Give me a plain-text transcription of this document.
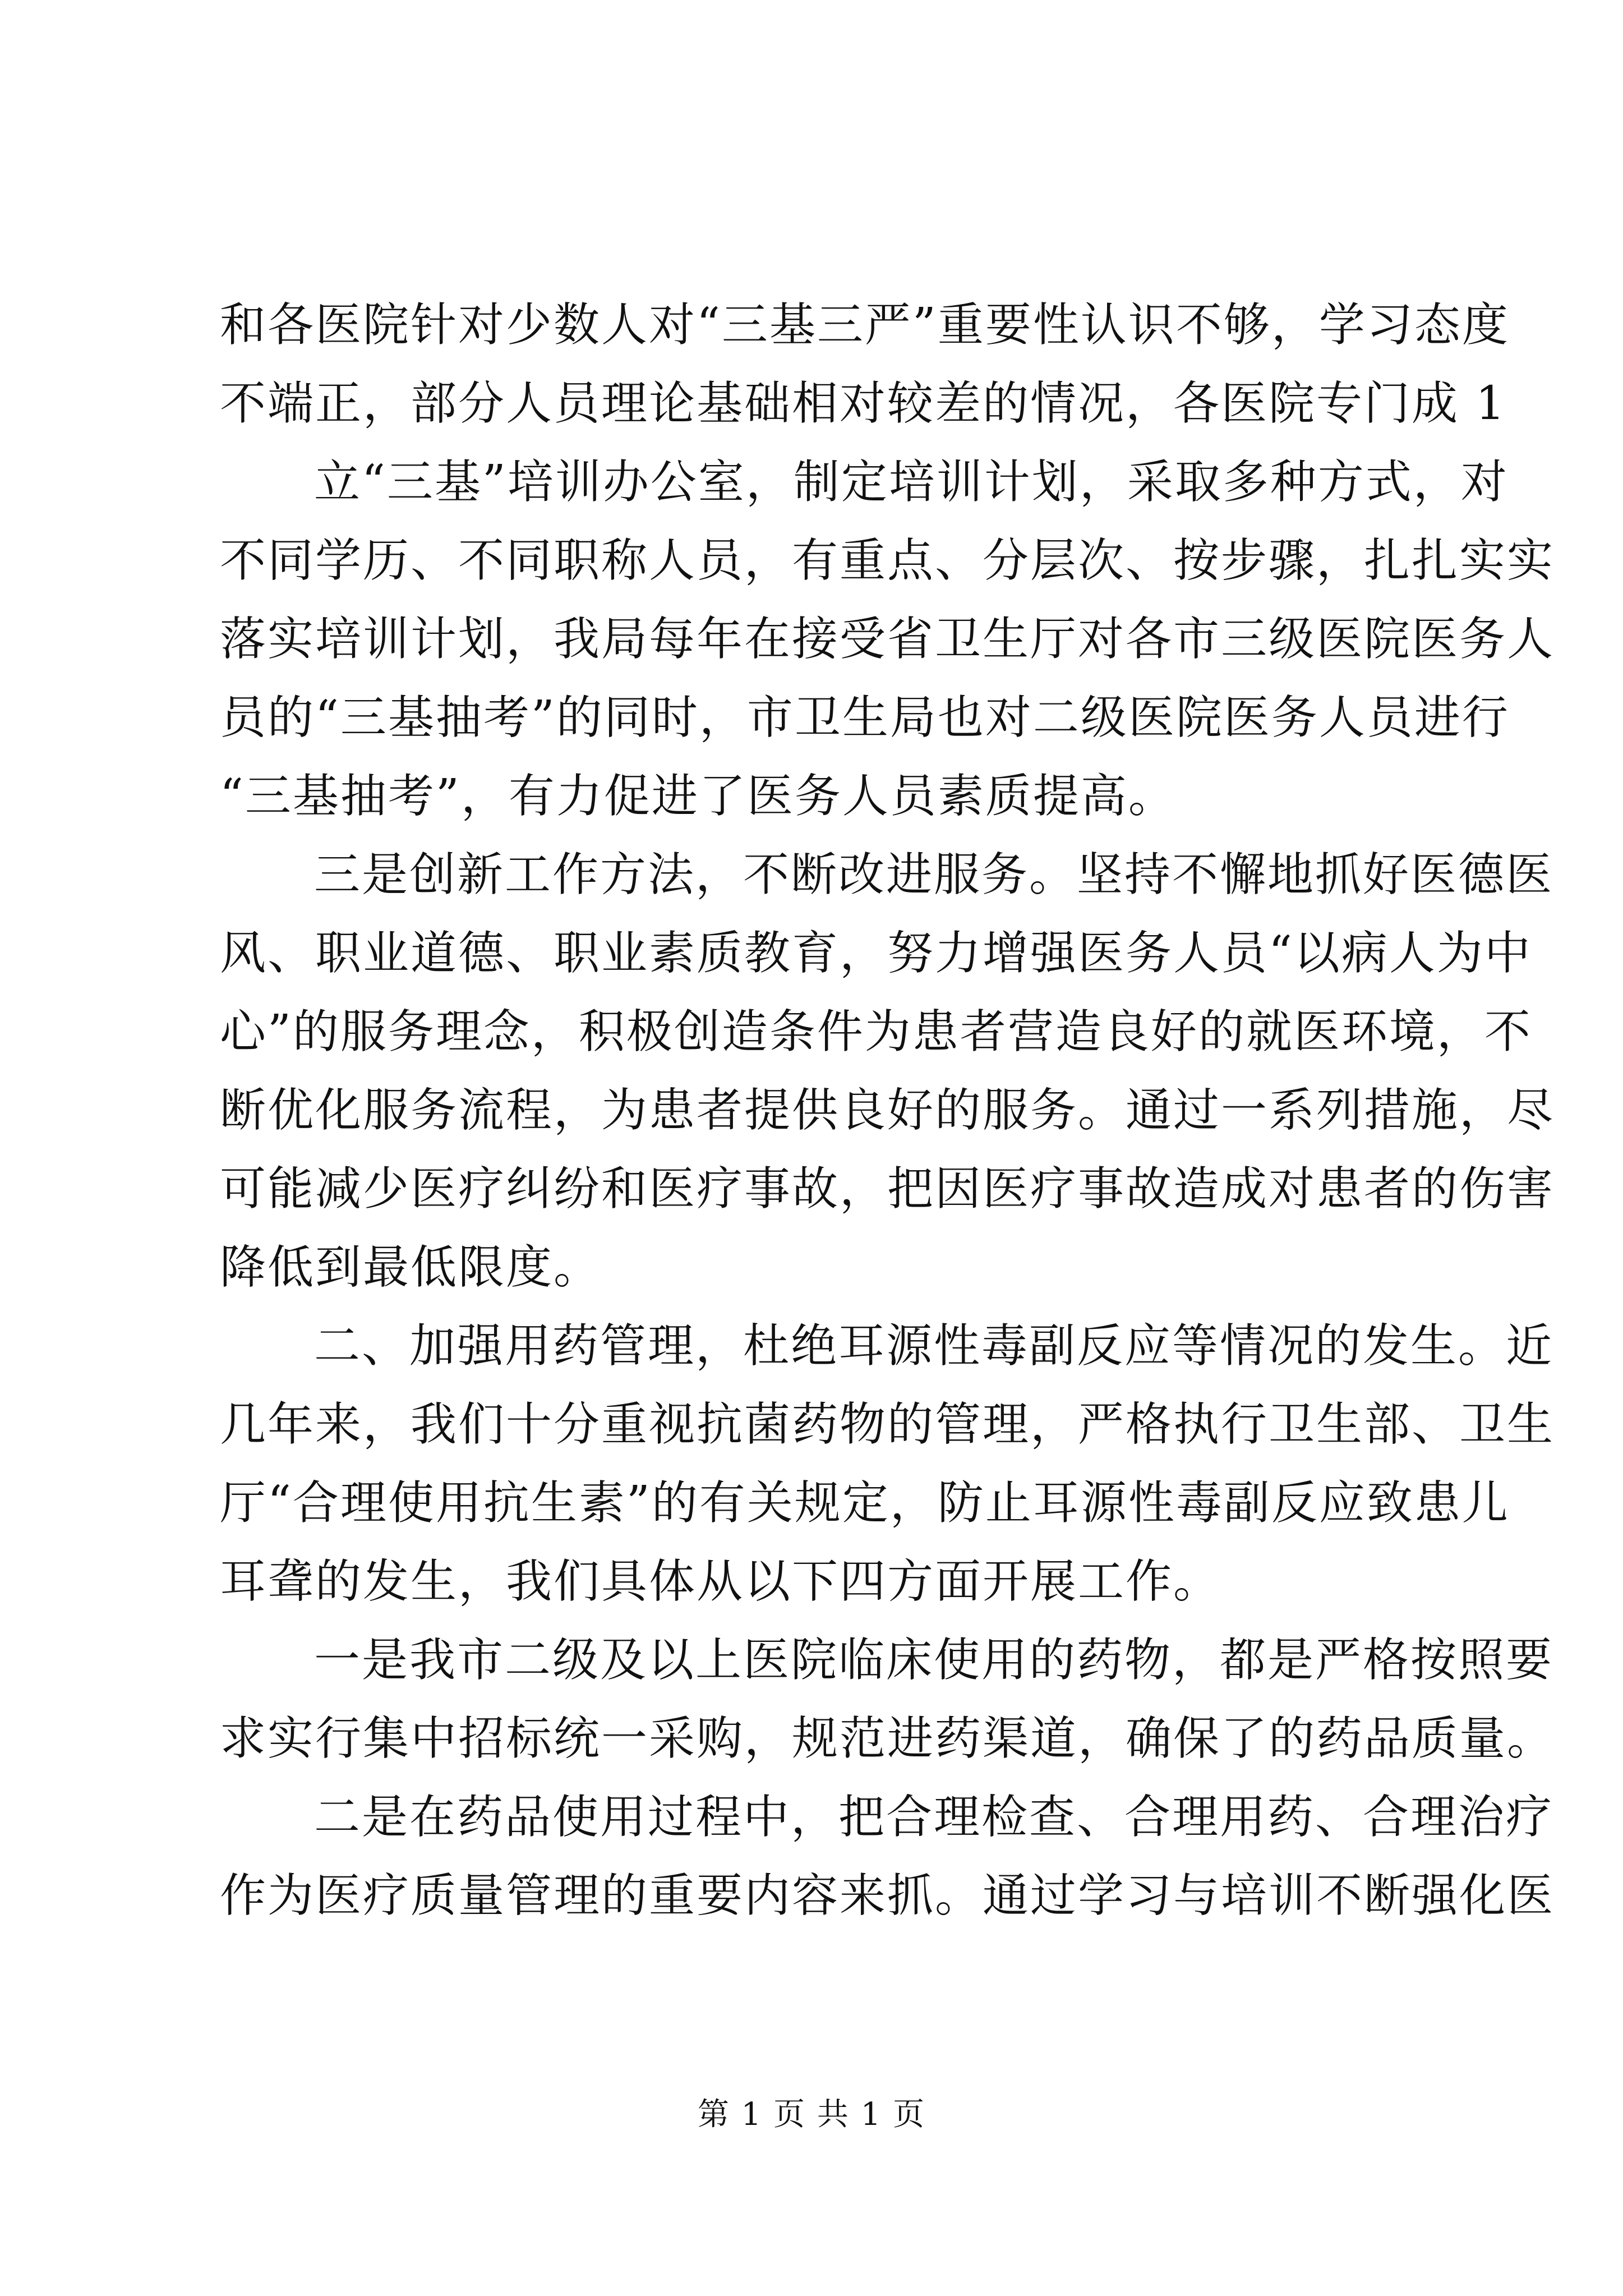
和各医院针对少数人对“三基三严”重要性认识不够，学习态度
不端正，部分人员理论基础相对较差的情况，各医院专门成 1
立“三基”培训办公室，制定培训计划，采取多种方式，对
不同学历、不同职称人员，有重点、分层次、按步骤，扎扎实实
落实培训计划，我局每年在接受省卫生厅对各市三级医院医务人
员的“三基抽考”的同时，市卫生局也对二级医院医务人员进行
“三基抽考”，有力促进了医务人员素质提高。
三是创新工作方法，不断改进服务。坚持不懈地抓好医德医
风、职业道德、职业素质教育，努力增强医务人员“以病人为中
心”的服务理念，积极创造条件为患者营造良好的就医环境，不
断优化服务流程，为患者提供良好的服务。通过一系列措施，尽
可能减少医疗纠纷和医疗事故，把因医疗事故造成对患者的伤害
降低到最低限度。
二、加强用药管理，杜绝耳源性毒副反应等情况的发生。近
几年来，我们十分重视抗菌药物的管理，严格执行卫生部、卫生
厅“合理使用抗生素”的有关规定，防止耳源性毒副反应致患儿
耳聋的发生，我们具体从以下四方面开展工作。
一是我市二级及以上医院临床使用的药物，都是严格按照要
求实行集中招标统一采购，规范进药渠道，确保了的药品质量。
二是在药品使用过程中，把合理检查、合理用药、合理治疗
作为医疗质量管理的重要内容来抓。通过学习与培训不断强化医
第 1 页 共 1 页
